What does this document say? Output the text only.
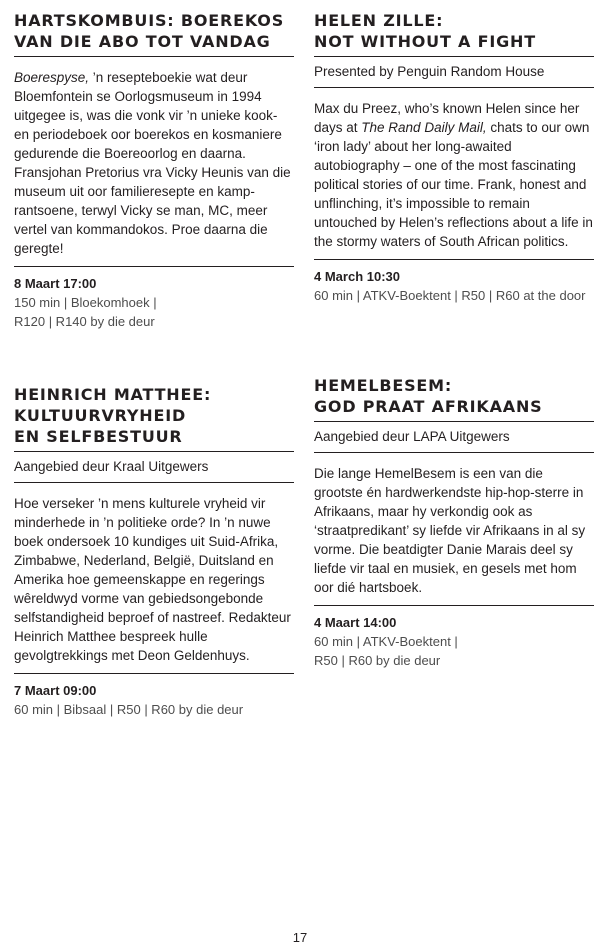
HARTSKOMBUIS: BOEREKOS
VAN DIE ABO TOT VANDAG
Boerespyse, ’n resepteboekie wat deur Bloemfontein se Oorlogsmuseum in 1994 uitgegee is, was die vonk vir ’n unieke kook- en periodeboek oor boerekos en kosmaniere gedurende die Boereoorlog en daarna. Fransjohan Pretorius vra Vicky Heunis van die museum uit oor familieresepte en kamp-rantsoene, terwyl Vicky se man, MC, meer vertel van kommandokos. Proe daarna die geregte!
8 Maart 17:00
150 min | Bloekomhoek |
R120 | R140 by die deur
HELEN ZILLE:
NOT WITHOUT A FIGHT
Presented by Penguin Random House
Max du Preez, who’s known Helen since her days at The Rand Daily Mail, chats to our own ‘iron lady’ about her long-awaited autobiography – one of the most fascinating political stories of our time. Frank, honest and unflinching, it’s impossible to remain untouched by Helen’s reflections about a life in the stormy waters of South African politics.
4 March 10:30
60 min | ATKV-Boektent | R50 | R60 at the door
HEINRICH MATTHEE:
KULTUURVRYHEID
EN SELFBESTUUR
Aangebied deur Kraal Uitgewers
Hoe verseker ’n mens kulturele vryheid vir minderhede in ’n politieke orde? In ’n nuwe boek ondersoek 10 kundiges uit Suid-Afrika, Zimbabwe, Nederland, België, Duitsland en Amerika hoe gemeenskappe en regerings wêreldwyd vorme van gebiedsongebonde selfstandigheid beproef of nastreef. Redakteur Heinrich Matthee bespreek hulle gevolgtrekkings met Deon Geldenhuys.
7 Maart 09:00
60 min | Bibsaal | R50 | R60 by die deur
HEMELBESEM:
GOD PRAAT AFRIKAANS
Aangebied deur LAPA Uitgewers
Die lange HemelBesem is een van die grootste én hardwerkendste hip-hop-sterre in Afrikaans, maar hy verkondig ook as ‘straatpredikant’ sy liefde vir Afrikaans in al sy vorme. Die beatdigter Danie Marais deel sy liefde vir taal en musiek, en gesels met hom oor dié hartsboek.
4 Maart 14:00
60 min | ATKV-Boektent |
R50 | R60 by die deur
17
